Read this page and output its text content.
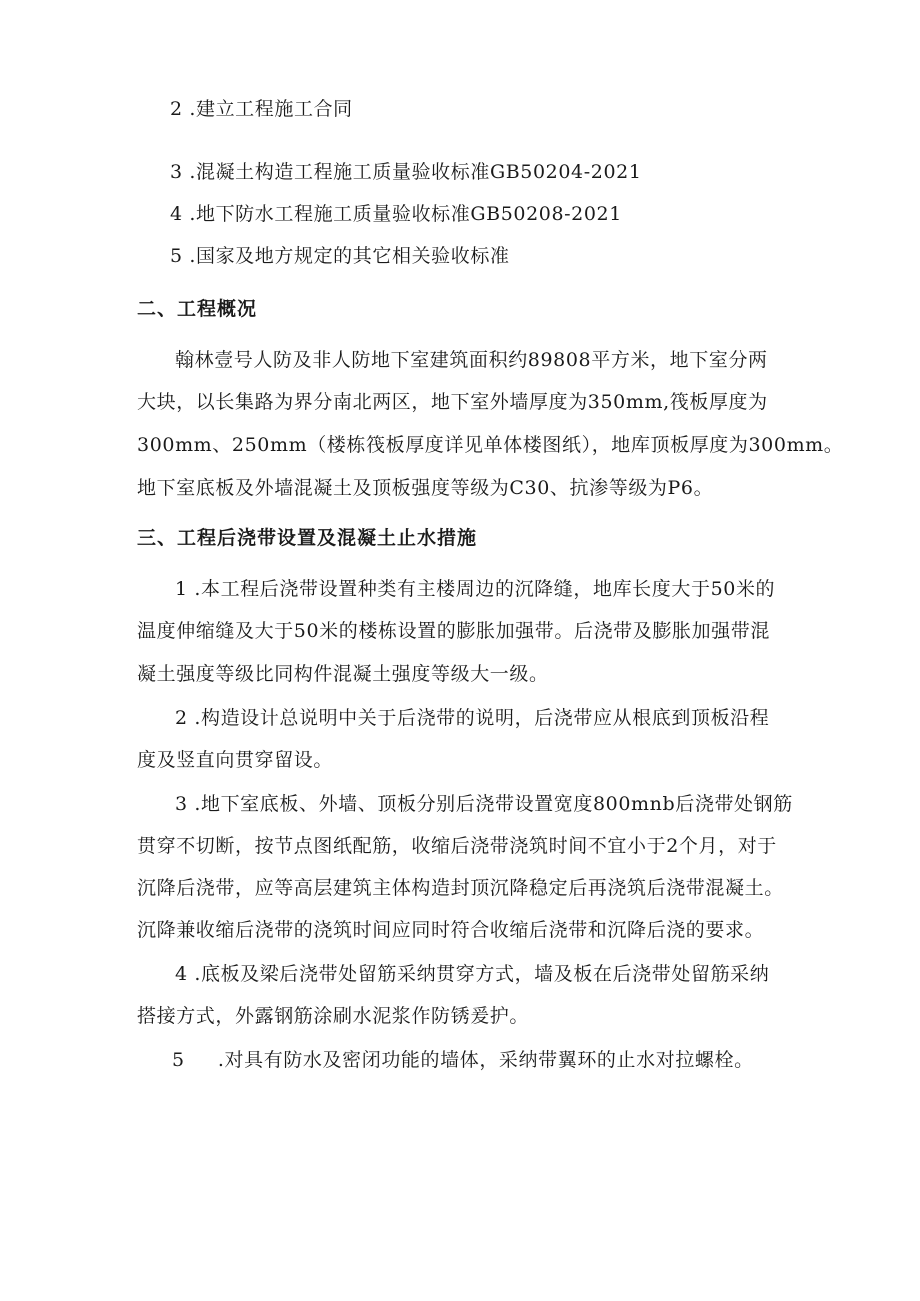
2 .建立工程施工合同
3 .混凝土构造工程施工质量验收标准GB50204-2021
4 .地下防水工程施工质量验收标准GB50208-2021
5 .国家及地方规定的其它相关验收标准
二、工程概况
翰林壹号人防及非人防地下室建筑面积约89808平方米，地下室分两
大块，以长集路为界分南北两区，地下室外墙厚度为350mm,筏板厚度为
300mm、250mm（楼栋筏板厚度详见单体楼图纸），地库顶板厚度为300mm。
地下室底板及外墙混凝土及顶板强度等级为C30、抗渗等级为P6。
三、工程后浇带设置及混凝土止水措施
1 .本工程后浇带设置种类有主楼周边的沉降缝，地库长度大于50米的
温度伸缩缝及大于50米的楼栋设置的膨胀加强带。后浇带及膨胀加强带混
凝土强度等级比同构件混凝土强度等级大一级。
2 .构造设计总说明中关于后浇带的说明，后浇带应从根底到顶板沿程
度及竖直向贯穿留设。
3 .地下室底板、外墙、顶板分别后浇带设置宽度800mnb后浇带处钢筋
贯穿不切断，按节点图纸配筋，收缩后浇带浇筑时间不宜小于2个月，对于
沉降后浇带，应等高层建筑主体构造封顶沉降稳定后再浇筑后浇带混凝土。
沉降兼收缩后浇带的浇筑时间应同时符合收缩后浇带和沉降后浇的要求。
4 .底板及梁后浇带处留筋采纳贯穿方式，墙及板在后浇带处留筋采纳
搭接方式，外露钢筋涂刷水泥浆作防锈爰护。
5     .对具有防水及密闭功能的墙体，采纳带翼环的止水对拉螺栓。
